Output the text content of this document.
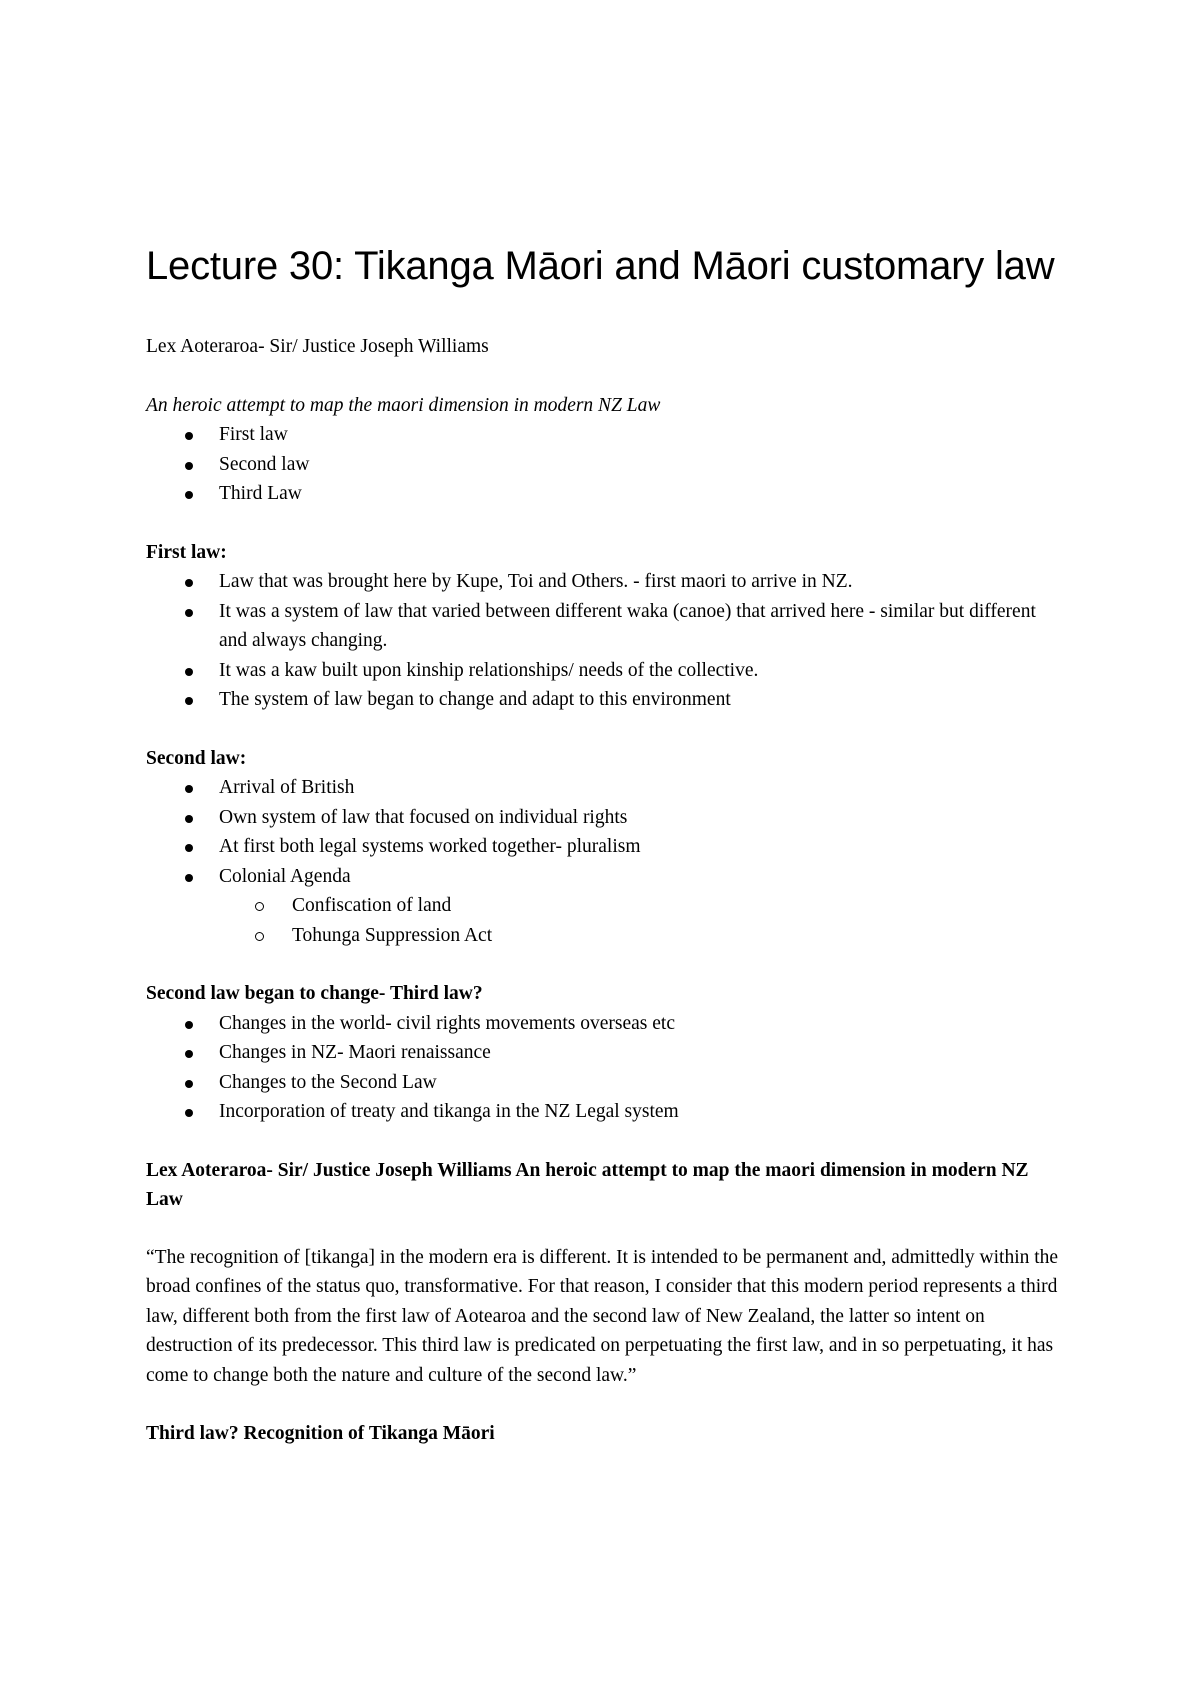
Lecture 30: Tikanga Māori and Māori customary law

Lex Aoteraroa- Sir/ Justice Joseph Williams

An heroic attempt to map the maori dimension in modern NZ Law

First law
Second law
Third Law

First law:

Law that was brought here by Kupe, Toi and Others. - first maori to arrive in NZ.
It was a system of law that varied between different waka (canoe) that arrived here - similar but different and always changing.
It was a kaw built upon kinship relationships/ needs of the collective.
The system of law began to change and adapt to this environment

Second law:

Arrival of British
Own system of law that focused on individual rights
At first both legal systems worked together- pluralism
Colonial Agenda
Confiscation of land
Tohunga Suppression Act

Second law began to change- Third law?

Changes in the world- civil rights movements overseas etc
Changes in NZ- Maori renaissance
Changes to the Second Law
Incorporation of treaty and tikanga in the NZ Legal system

Lex Aoteraroa- Sir/ Justice Joseph Williams An heroic attempt to map the maori dimension in modern NZ Law

“The recognition of [tikanga] in the modern era is different. It is intended to be permanent and, admittedly within the broad confines of the status quo, transformative. For that reason, I consider that this modern period represents a third law, different both from the first law of Aotearoa and the second law of New Zealand, the latter so intent on destruction of its predecessor. This third law is predicated on perpetuating the first law, and in so perpetuating, it has come to change both the nature and culture of the second law.”

Third law? Recognition of Tikanga Māori
